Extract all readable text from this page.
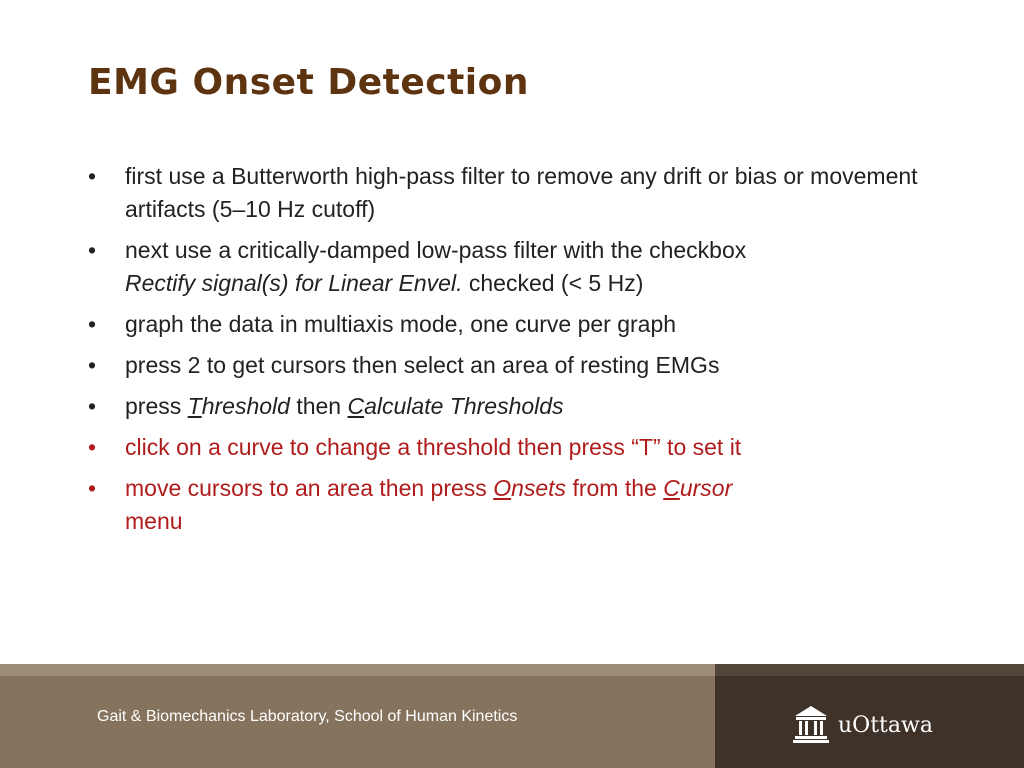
EMG Onset Detection
• first use a Butterworth high-pass filter to remove any drift or bias or movement artifacts (5–10 Hz cutoff)
• next use a critically-damped low-pass filter with the checkbox
Rectify signal(s) for Linear Envel. checked (< 5 Hz)
• graph the data in multiaxis mode, one curve per graph
• press 2 to get cursors then select an area of resting EMGs
• press Threshold then Calculate Thresholds
• click on a curve to change a threshold then press “T” to set it
• move cursors to an area then press Onsets from the Cursor
menu
Gait & Biomechanics Laboratory, School of Human Kinetics	uOttawa
